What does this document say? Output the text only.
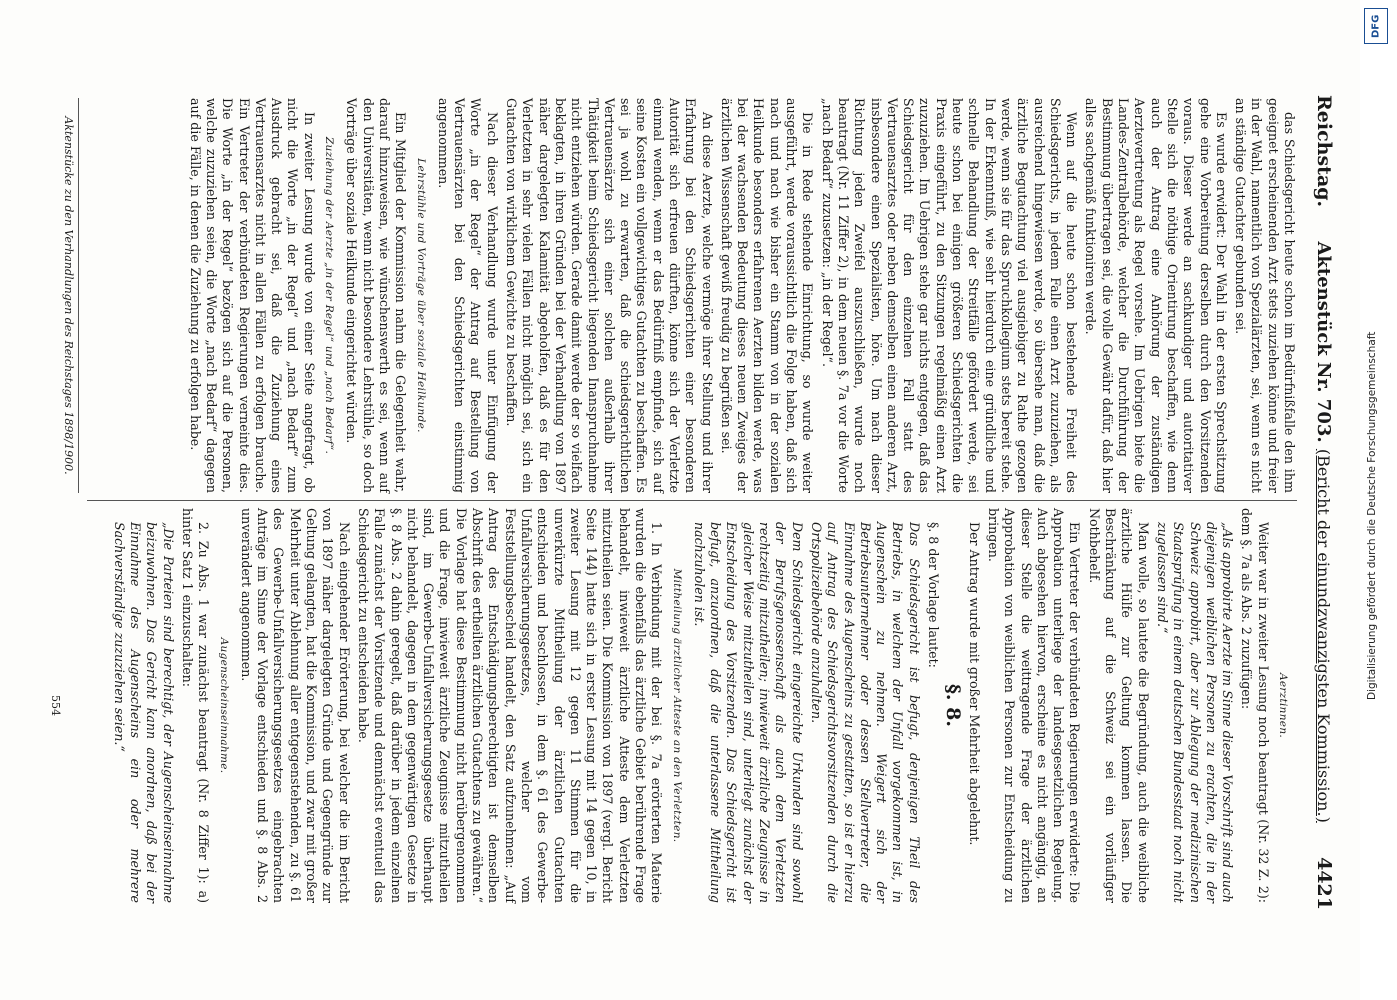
Reichstag.
Aktenstück Nr. 703. (Bericht der einundzwanzigsten Kommission.)
4421

das Schiedsgericht heute schon im Bedürfnißfalle den ihm geeignet erscheinenden Arzt stets zuziehen könne und freier in der Wahl, namentlich von Spezialärzten, sei, wenn es nicht an ständige Gutachter gebunden sei.

Es wurde erwidert: Der Wahl in der ersten Sprechsitzung gehe eine Vorbereitung derselben durch den Vorsitzenden voraus. Dieser werde an sachkundiger und autoritativer Stelle sich die nöthige Orientirung beschaffen, wie denn auch der Antrag eine Anhörung der zuständigen Aerztevertretung als Regel vorsehe. Im Uebrigen biete die Landes-Zentralbehörde, welcher die Durchführung der Bestimmung übertragen sei, die volle Gewähr dafür, daß hier alles sachgemäß funktioniren werde.

Wenn auf die heute schon bestehende Freiheit des Schiedsgerichts, in jedem Falle einen Arzt zuzuziehen, als ausreichend hingewiesen werde, so übersehe man, daß die ärztliche Begutachtung viel ausgiebiger zu Rathe gezogen werde, wenn sie für das Spruchkollegium stets bereit stehe. In der Erkenntniß, wie sehr hierdurch eine gründliche und schnelle Behandlung der Streitfälle gefördert werde, sei heute schon bei einigen größeren Schiedsgerichten die Praxis eingeführt, zu den Sitzungen regelmäßig einen Arzt zuzuziehen. Im Uebrigen stehe gar nichts entgegen, daß das Schiedsgericht für den einzelnen Fall statt des Vertrauensarztes oder neben demselben einen anderen Arzt, insbesondere einen Spezialisten, höre. Um nach dieser Richtung jeden Zweifel auszuschließen, wurde noch beantragt (Nr. 11 Ziffer 2), in dem neuen §. 7a vor die Worte „nach Bedarf“ zuzusetzen: „in der Regel“.

Die in Rede stehende Einrichtung, so wurde weiter ausgeführt, werde voraussichtlich die Folge haben, daß sich nach und nach wie bisher ein Stamm von in der sozialen Heilkunde besonders erfahrenen Aerzten bilden werde, was bei der wachsenden Bedeutung dieses neuen Zweiges der ärztlichen Wissenschaft gewiß freudig zu begrüßen sei.

An diese Aerzte, welche vermöge ihrer Stellung und ihrer Erfahrung bei den Schiedsgerichten einer besonderen Autorität sich erfreuen dürften, könne sich der Verletzte einmal wenden, wenn er das Bedürfniß empfinde, sich auf seine Kosten ein vollgewichtiges Gutachten zu beschaffen. Es sei ja wohl zu erwarten, daß die schiedsgerichtlichen Vertrauensärzte sich einer solchen außerhalb ihrer Thätigkeit beim Schiedsgericht liegenden Inanspruchnahme nicht entziehen würden. Gerade damit werde der so vielfach beklagten, in ihren Gründen bei der Verhandlung von 1897 näher dargelegten Kalamität abgeholfen, daß es für den Verletzten in sehr vielen Fällen nicht möglich sei, sich ein Gutachten von wirklichem Gewichte zu beschaffen.

Nach dieser Verhandlung wurde unter Einfügung der Worte „in der Regel“ der Antrag auf Bestellung von Vertrauensärzten bei den Schiedsgerichten einstimmig angenommen.

Lehrstühle und Vorträge über soziale Heilkunde.

Ein Mitglied der Kommission nahm die Gelegenheit wahr, darauf hinzuweisen, wie wünschenswerth es sei, wenn auf den Universitäten, wenn nicht besondere Lehrstühle, so doch Vorträge über soziale Heilkunde eingerichtet würden.

Zuziehung der Aerzte „in der Regel“ und „nach Bedarf“.

In zweiter Lesung wurde von einer Seite angefragt, ob nicht die Worte „in der Regel“ und „nach Bedarf“ zum Ausdruck gebracht sei, daß die Zuziehung eines Vertrauensarztes nicht in allen Fällen zu erfolgen brauche. Ein Vertreter der verbündeten Regierungen verneinte dies. Die Worte „in der Regel“ bezögen sich auf die Personen, welche zuzuziehen seien, die Worte „nach Bedarf“ dagegen auf die Fälle, in denen die Zuziehung zu erfolgen habe.

Aerztinnen.

Weiter war in zweiter Lesung noch beantragt (Nr. 32 Z. 2): dem §. 7a als Abs. 2 zuzufügen:

„Als approbirte Aerzte im Sinne dieser Vorschrift sind auch diejenigen weiblichen Personen zu erachten, die in der Schweiz approbirt, aber zur Ablegung der medizinischen Staatsprüfung in einem deutschen Bundesstaat noch nicht zugelassen sind.“

Man wolle, so lautete die Begründung, auch die weibliche ärztliche Hülfe zur Geltung kommen lassen. Die Beschränkung auf die Schweiz sei ein vorläufiger Nothbehelf.

Ein Vertreter der verbündeten Regierungen erwiderte: Die Approbation unterliege der landesgesetzlichen Regelung. Auch abgesehen hiervon, erscheine es nicht angängig, an dieser Stelle die weittragende Frage der ärztlichen Approbation von weiblichen Personen zur Entscheidung zu bringen.

Der Antrag wurde mit großer Mehrheit abgelehnt.

§. 8.

§. 8 der Vorlage lautet:

Das Schiedsgericht ist befugt, denjenigen Theil des Betriebs, in welchem der Unfall vorgekommen ist, in Augenschein zu nehmen. Weigert sich der Betriebsunternehmer oder dessen Stellvertreter, die Einnahme des Augenscheins zu gestatten, so ist er hierzu auf Antrag des Schiedsgerichtsvorsitzenden durch die Ortspolizeibehörde anzuhalten.

Dem Schiedsgericht eingereichte Urkunden sind sowohl der Berufsgenossenschaft als auch dem Verletzten rechtzeitig mitzutheilen; inwieweit ärztliche Zeugnisse in gleicher Weise mitzutheilen sind, unterliegt zunächst der Entscheidung des Vorsitzenden. Das Schiedsgericht ist befugt, anzuordnen, daß die unterlassene Mittheilung nachzuholen ist.

Mittheilung ärztlicher Atteste an den Verletzten.

1. In Verbindung mit der bei §. 7a erörterten Materie wurden die ebenfalls das ärztliche Gebiet berührende Frage behandelt, inwieweit ärztliche Atteste dem Verletzten mitzutheilen seien. Die Kommission von 1897 (vergl. Bericht Seite 144) hatte sich in erster Lesung mit 14 gegen 10, in zweiter Lesung mit 12 gegen 11 Stimmen für die unverkürzte Mittheilung der ärztlichen Gutachten entschieden und beschlossen, in dem §. 61 des Gewerbe-Unfallversicherungsgesetzes, welcher vom Feststellungsbescheid handelt, den Satz aufzunehmen: „Auf Antrag des Entschädigungsberechtigten ist demselben Abschrift des ertheilten ärztlichen Gutachtens zu gewähren.“ Die Vorlage hat diese Bestimmung nicht herübergenommen und die Frage, inwieweit ärztliche Zeugnisse mitzutheilen sind, im Gewerbe-Unfallversicherungsgesetze überhaupt nicht behandelt, dagegen in dem gegenwärtigen Gesetze in §. 8 Abs. 2 dahin geregelt, daß darüber in jedem einzelnen Falle zunächst der Vorsitzende und demnächst eventuell das Schiedsgericht zu entscheiden habe.

Nach eingehender Erörterung, bei welcher die im Bericht von 1897 näher dargelegten Gründe und Gegengründe zur Geltung gelangten, hat die Kommission, und zwar mit großer Mehrheit unter Ablehnung aller entgegenstehenden, zu §. 61 des Gewerbe-Unfallversicherungsgesetzes eingebrachten Anträge im Sinne der Vorlage entschieden und §. 8 Abs. 2 unverändert angenommen.

Augenscheinseinnahme.

2. Zu Abs. 1 war zunächst beantragt (Nr. 8 Ziffer 1): a) hinter Satz 1 einzuschalten:

„Die Parteien sind berechtigt, der Augenscheinseinnahme beizuwohnen. Das Gericht kann anordnen, daß bei der Einnahme des Augenscheins ein oder mehrere Sachverständige zuzuziehen seien.“

Aktenstücke zu den Verhandlungen des Reichstages 1898/1900.
554
DFG
Digitalisierung gefördert durch die Deutsche Forschungsgemeinschaft
